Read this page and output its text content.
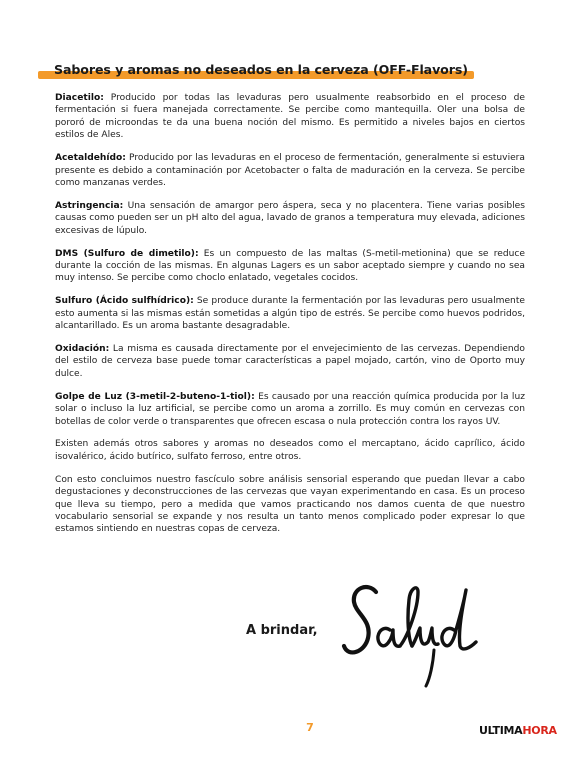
Sabores y aromas no deseados en la cerveza (OFF-Flavors)

Diacetilo: Producido por todas las levaduras pero usualmente reabsorbido en el proceso de fermentación si fuera manejada correctamente. Se percibe como mantequilla. Oler una bolsa de pororó de microondas te da una buena noción del mismo. Es permitido a niveles bajos en ciertos estilos de Ales.

Acetaldehído: Producido por las levaduras en el proceso de fermentación, generalmente si estuviera presente es debido a contaminación por Acetobacter o falta de maduración en la cerveza. Se percibe como manzanas verdes.

Astringencia: Una sensación de amargor pero áspera, seca y no placentera. Tiene varias posibles causas como pueden ser un pH alto del agua, lavado de granos a temperatura muy elevada, adiciones excesivas de lúpulo.

DMS (Sulfuro de dimetilo): Es un compuesto de las maltas (S-metil-metionina) que se reduce durante la cocción de las mismas. En algunas Lagers es un sabor aceptado siempre y cuando no sea muy intenso. Se percibe como choclo enlatado, vegetales cocidos.

Sulfuro (Ácido sulfhídrico): Se produce durante la fermentación por las levaduras pero usualmente esto aumenta si las mismas están sometidas a algún tipo de estrés. Se percibe como huevos podridos, alcantarillado. Es un aroma bastante desagradable.

Oxidación: La misma es causada directamente por el envejecimiento de las cervezas. Dependiendo del estilo de cerveza base puede tomar características a papel mojado, cartón, vino de Oporto muy dulce.

Golpe de Luz (3-metil-2-buteno-1-tiol): Es causado por una reacción química producida por la luz solar o incluso la luz artificial, se percibe como un aroma a zorrillo. Es muy común en cervezas con botellas de color verde o transparentes que ofrecen escasa o nula protección contra los rayos UV.

Existen además otros sabores y aromas no deseados como el mercaptano, ácido caprílico, ácido isovalérico, ácido butírico, sulfato ferroso, entre otros.

Con esto concluimos nuestro fascículo sobre análisis sensorial esperando que puedan llevar a cabo degustaciones y deconstrucciones de las cervezas que vayan experimentando en casa. Es un proceso que lleva su tiempo, pero a medida que vamos practicando nos damos cuenta de que nuestro vocabulario sensorial se expande y nos resulta un tanto menos complicado poder expresar lo que estamos sintiendo en nuestras copas de cerveza.

A brindar,
7	ULTIMAHORA
